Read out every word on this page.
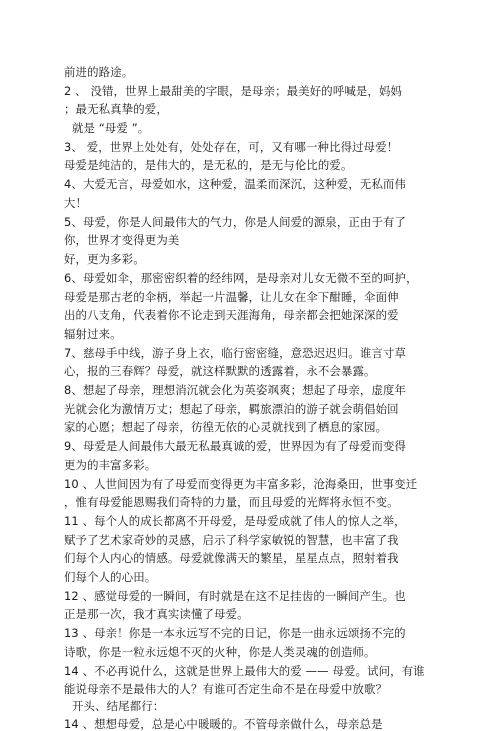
前进的路途。
2 、 没错，世界上最甜美的字眼，是母亲；最美好的呼喊是，妈妈
；最无私真挚的爱，
就是 “母爱 ”。
3、 爱，世界上处处有，处处存在，可，又有哪一种比得过母爱！
母爱是纯洁的，是伟大的，是无私的，是无与伦比的爱。
4、大爱无言，母爱如水，这种爱，温柔而深沉，这种爱，无私而伟
大！
5、母爱，你是人间最伟大的气力，你是人间爱的源泉，正由于有了
你，世界才变得更为美
好，更为多彩。
6、母爱如伞，那密密织着的经纬网，是母亲对儿女无微不至的呵护，
母爱是那古老的伞柄，举起一片温馨，让儿女在伞下酣睡，伞面伸
出的八支角，代表着你不论走到天涯海角，母亲都会把她深深的爱
辐射过来。
7、慈母手中线，游子身上衣，临行密密缝，意恐迟迟归。谁言寸草
心，报的三春辉？母爱，就这样默默的透露着，永不会暴露。
8、想起了母亲，理想消沉就会化为英姿飒爽；想起了母亲，虚度年
光就会化为激情万丈；想起了母亲，羁旅漂泊的游子就会萌倡始回
家的心愿；想起了母亲，彷徨无依的心灵就找到了栖息的家园。
9、母爱是人间最伟大最无私最真诚的爱，世界因为有了母爱而变得
更为的丰富多彩。
10 、人世间因为有了母爱而变得更为丰富多彩，沧海桑田，世事变迁
，惟有母爱能恩赐我们奇特的力量，而且母爱的光辉将永恒不变。
11 、每个人的成长都离不开母爱，是母爱成就了伟人的惊人之举，
赋予了艺术家奇妙的灵感，启示了科学家敏锐的智慧，也丰富了我
们每个人内心的情感。母爱就像满天的繁星，星星点点，照射着我
们每个人的心田。
12 、感觉母爱的一瞬间，有时就是在这不足挂齿的一瞬间产生。也
正是那一次，我才真实读懂了母爱。
13 、母亲！你是一本永远写不完的日记，你是一曲永远颂扬不完的
诗歌，你是一粒永远熄不灭的火种，你是人类灵魂的创造师。
14 、不必再说什么，这就是世界上最伟大的爱 —— 母爱。试问，有谁
能说母亲不是最伟大的人？有谁可否定生命不是在母爱中放歌？
开头、结尾都行：
14 、想想母爱，总是心中暖暖的。不管母亲做什么，母亲总是
